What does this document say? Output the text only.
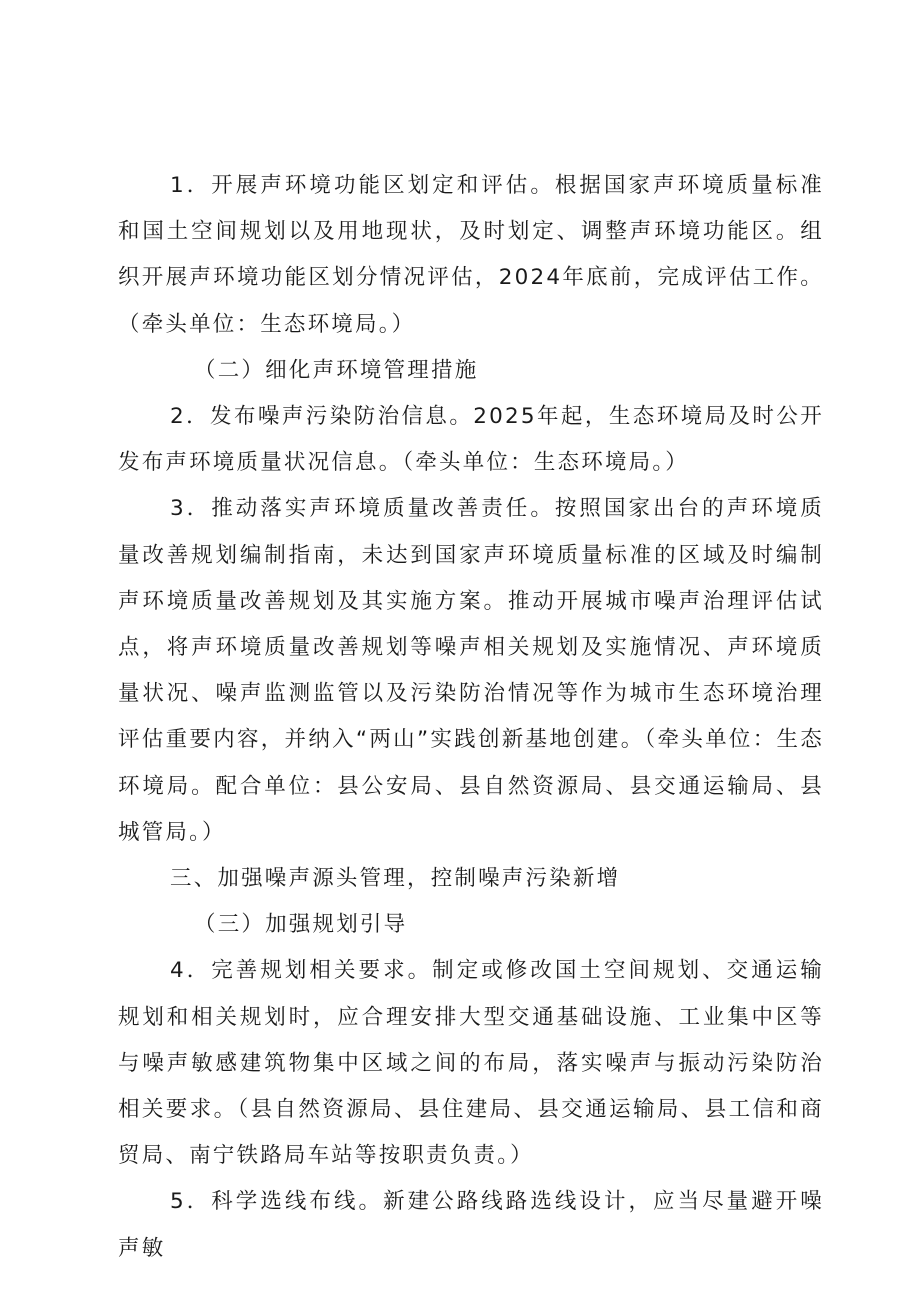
1．开展声环境功能区划定和评估。根据国家声环境质量标准和国土空间规划以及用地现状，及时划定、调整声环境功能区。组织开展声环境功能区划分情况评估，2024年底前，完成评估工作。（牵头单位：生态环境局。）

（二）细化声环境管理措施

2．发布噪声污染防治信息。2025年起，生态环境局及时公开发布声环境质量状况信息。（牵头单位：生态环境局。）

3．推动落实声环境质量改善责任。按照国家出台的声环境质量改善规划编制指南，未达到国家声环境质量标准的区域及时编制声环境质量改善规划及其实施方案。推动开展城市噪声治理评估试点，将声环境质量改善规划等噪声相关规划及实施情况、声环境质量状况、噪声监测监管以及污染防治情况等作为城市生态环境治理评估重要内容，并纳入“两山”实践创新基地创建。（牵头单位：生态环境局。配合单位：县公安局、县自然资源局、县交通运输局、县城管局。）

三、加强噪声源头管理，控制噪声污染新增

（三）加强规划引导

4．完善规划相关要求。制定或修改国土空间规划、交通运输规划和相关规划时，应合理安排大型交通基础设施、工业集中区等与噪声敏感建筑物集中区域之间的布局，落实噪声与振动污染防治相关要求。（县自然资源局、县住建局、县交通运输局、县工信和商贸局、南宁铁路局车站等按职责负责。）

5．科学选线布线。新建公路线路选线设计，应当尽量避开噪声敏
